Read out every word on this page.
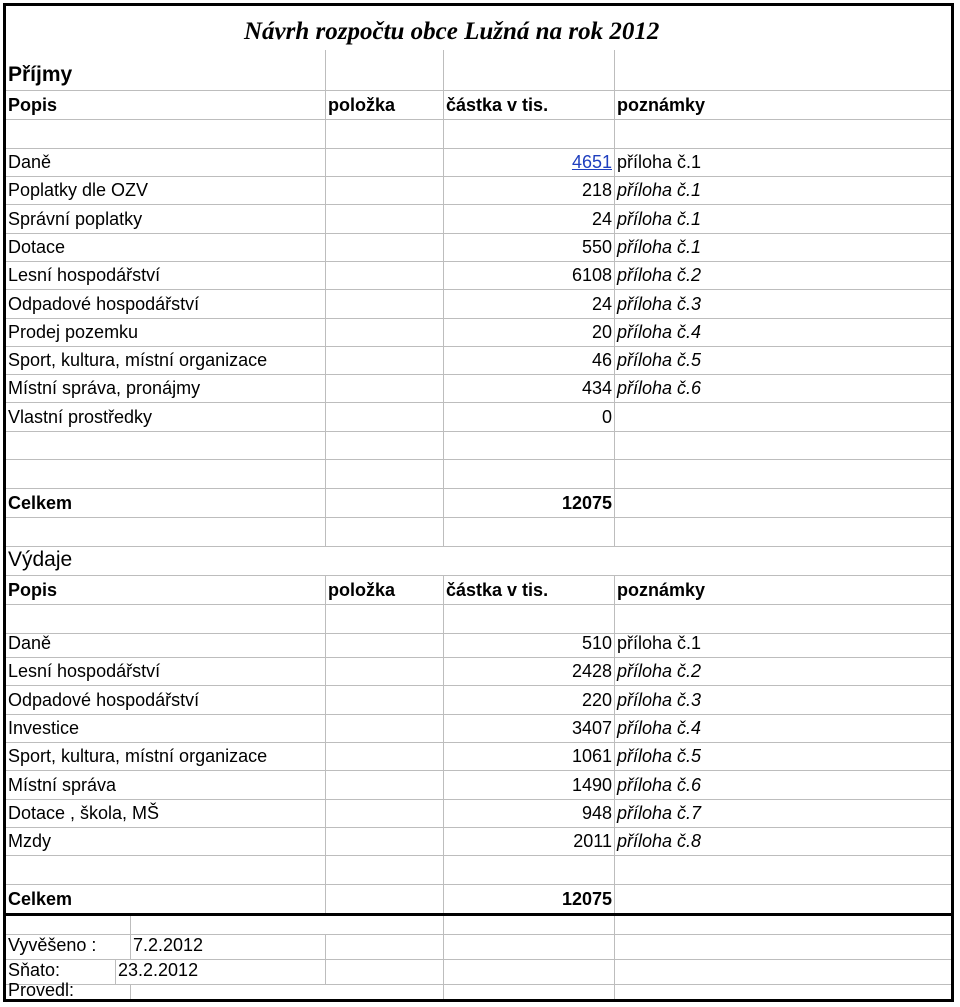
Návrh rozpočtu obce Lužná na rok 2012
Příjmy
Popis	položka	částka v tis.	poznámky
Daně	4651 příloha č.1
Poplatky dle OZV	218 příloha č.1
Správní poplatky	24 příloha č.1
Dotace	550 příloha č.1
Lesní hospodářství	6108 příloha č.2
Odpadové hospodářství	24 příloha č.3
Prodej pozemku	20 příloha č.4
Sport, kultura, místní organizace	46 příloha č.5
Místní správa, pronájmy	434 příloha č.6
Vlastní prostředky	0
Celkem	12075
Výdaje
Popis	položka	částka v tis.	poznámky
Daně	510 příloha č.1
Lesní hospodářství	2428 příloha č.2
Odpadové hospodářství	220 příloha č.3
Investice	3407 příloha č.4
Sport, kultura, místní organizace	1061 příloha č.5
Místní správa	1490 příloha č.6
Dotace , škola, MŠ	948 příloha č.7
Mzdy	2011 příloha č.8
Celkem	12075
Vyvěšeno :	7.2.2012
Sňato:	23.2.2012
Provedl:
